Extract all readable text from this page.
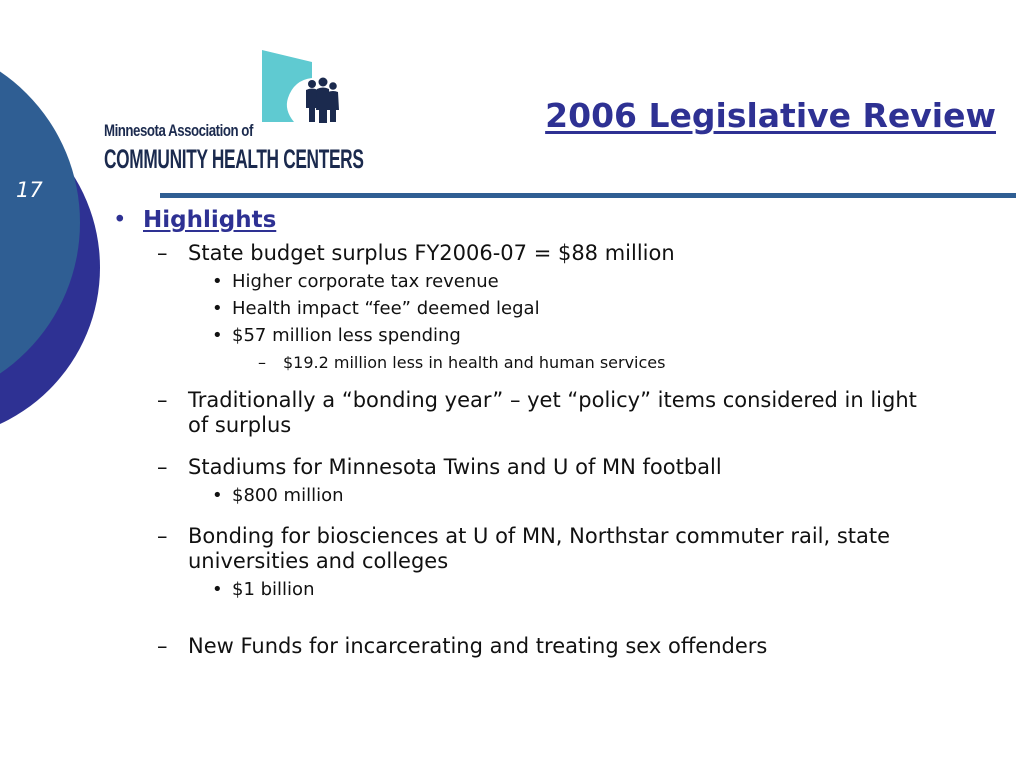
17
Minnesota Association of
COMMUNITY HEALTH CENTERS
2006 Legislative Review
• Highlights
– State budget surplus FY2006-07 = $88 million
• Higher corporate tax revenue
• Health impact “fee” deemed legal
• $57 million less spending
– $19.2 million less in health and human services
– Traditionally a “bonding year” – yet “policy” items considered in light
of surplus
– Stadiums for Minnesota Twins and U of MN football
• $800 million
– Bonding for biosciences at U of MN, Northstar commuter rail, state
universities and colleges
• $1 billion
– New Funds for incarcerating and treating sex offenders
